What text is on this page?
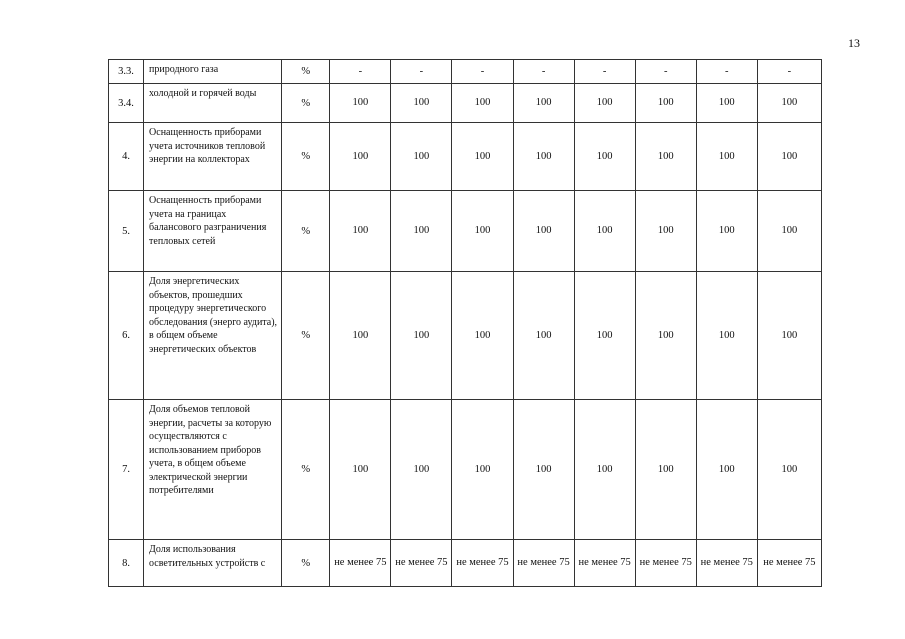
13
3.3.	природного газа	%	-	-	-	-	-	-	-	-
3.4.	холодной и горячей воды	%	100	100	100	100	100	100	100	100
4.	Оснащенность приборами учета источников тепловой энергии на коллекторах	%	100	100	100	100	100	100	100	100
5.	Оснащенность приборами учета на границах балансового разграничения тепловых сетей	%	100	100	100	100	100	100	100	100
6.	Доля энергетических объектов, прошедших процедуру энергетического обследования (энерго аудита), в общем объеме энергетических объектов	%	100	100	100	100	100	100	100	100
7.	Доля объемов тепловой энергии, расчеты за которую осуществляются с использованием приборов учета, в общем объеме электрической энергии потребителями	%	100	100	100	100	100	100	100	100
8.	Доля использования осветительных устройств с	%	не менее 75	не менее 75	не менее 75	не менее 75	не менее 75	не менее 75	не менее 75	не менее 75
